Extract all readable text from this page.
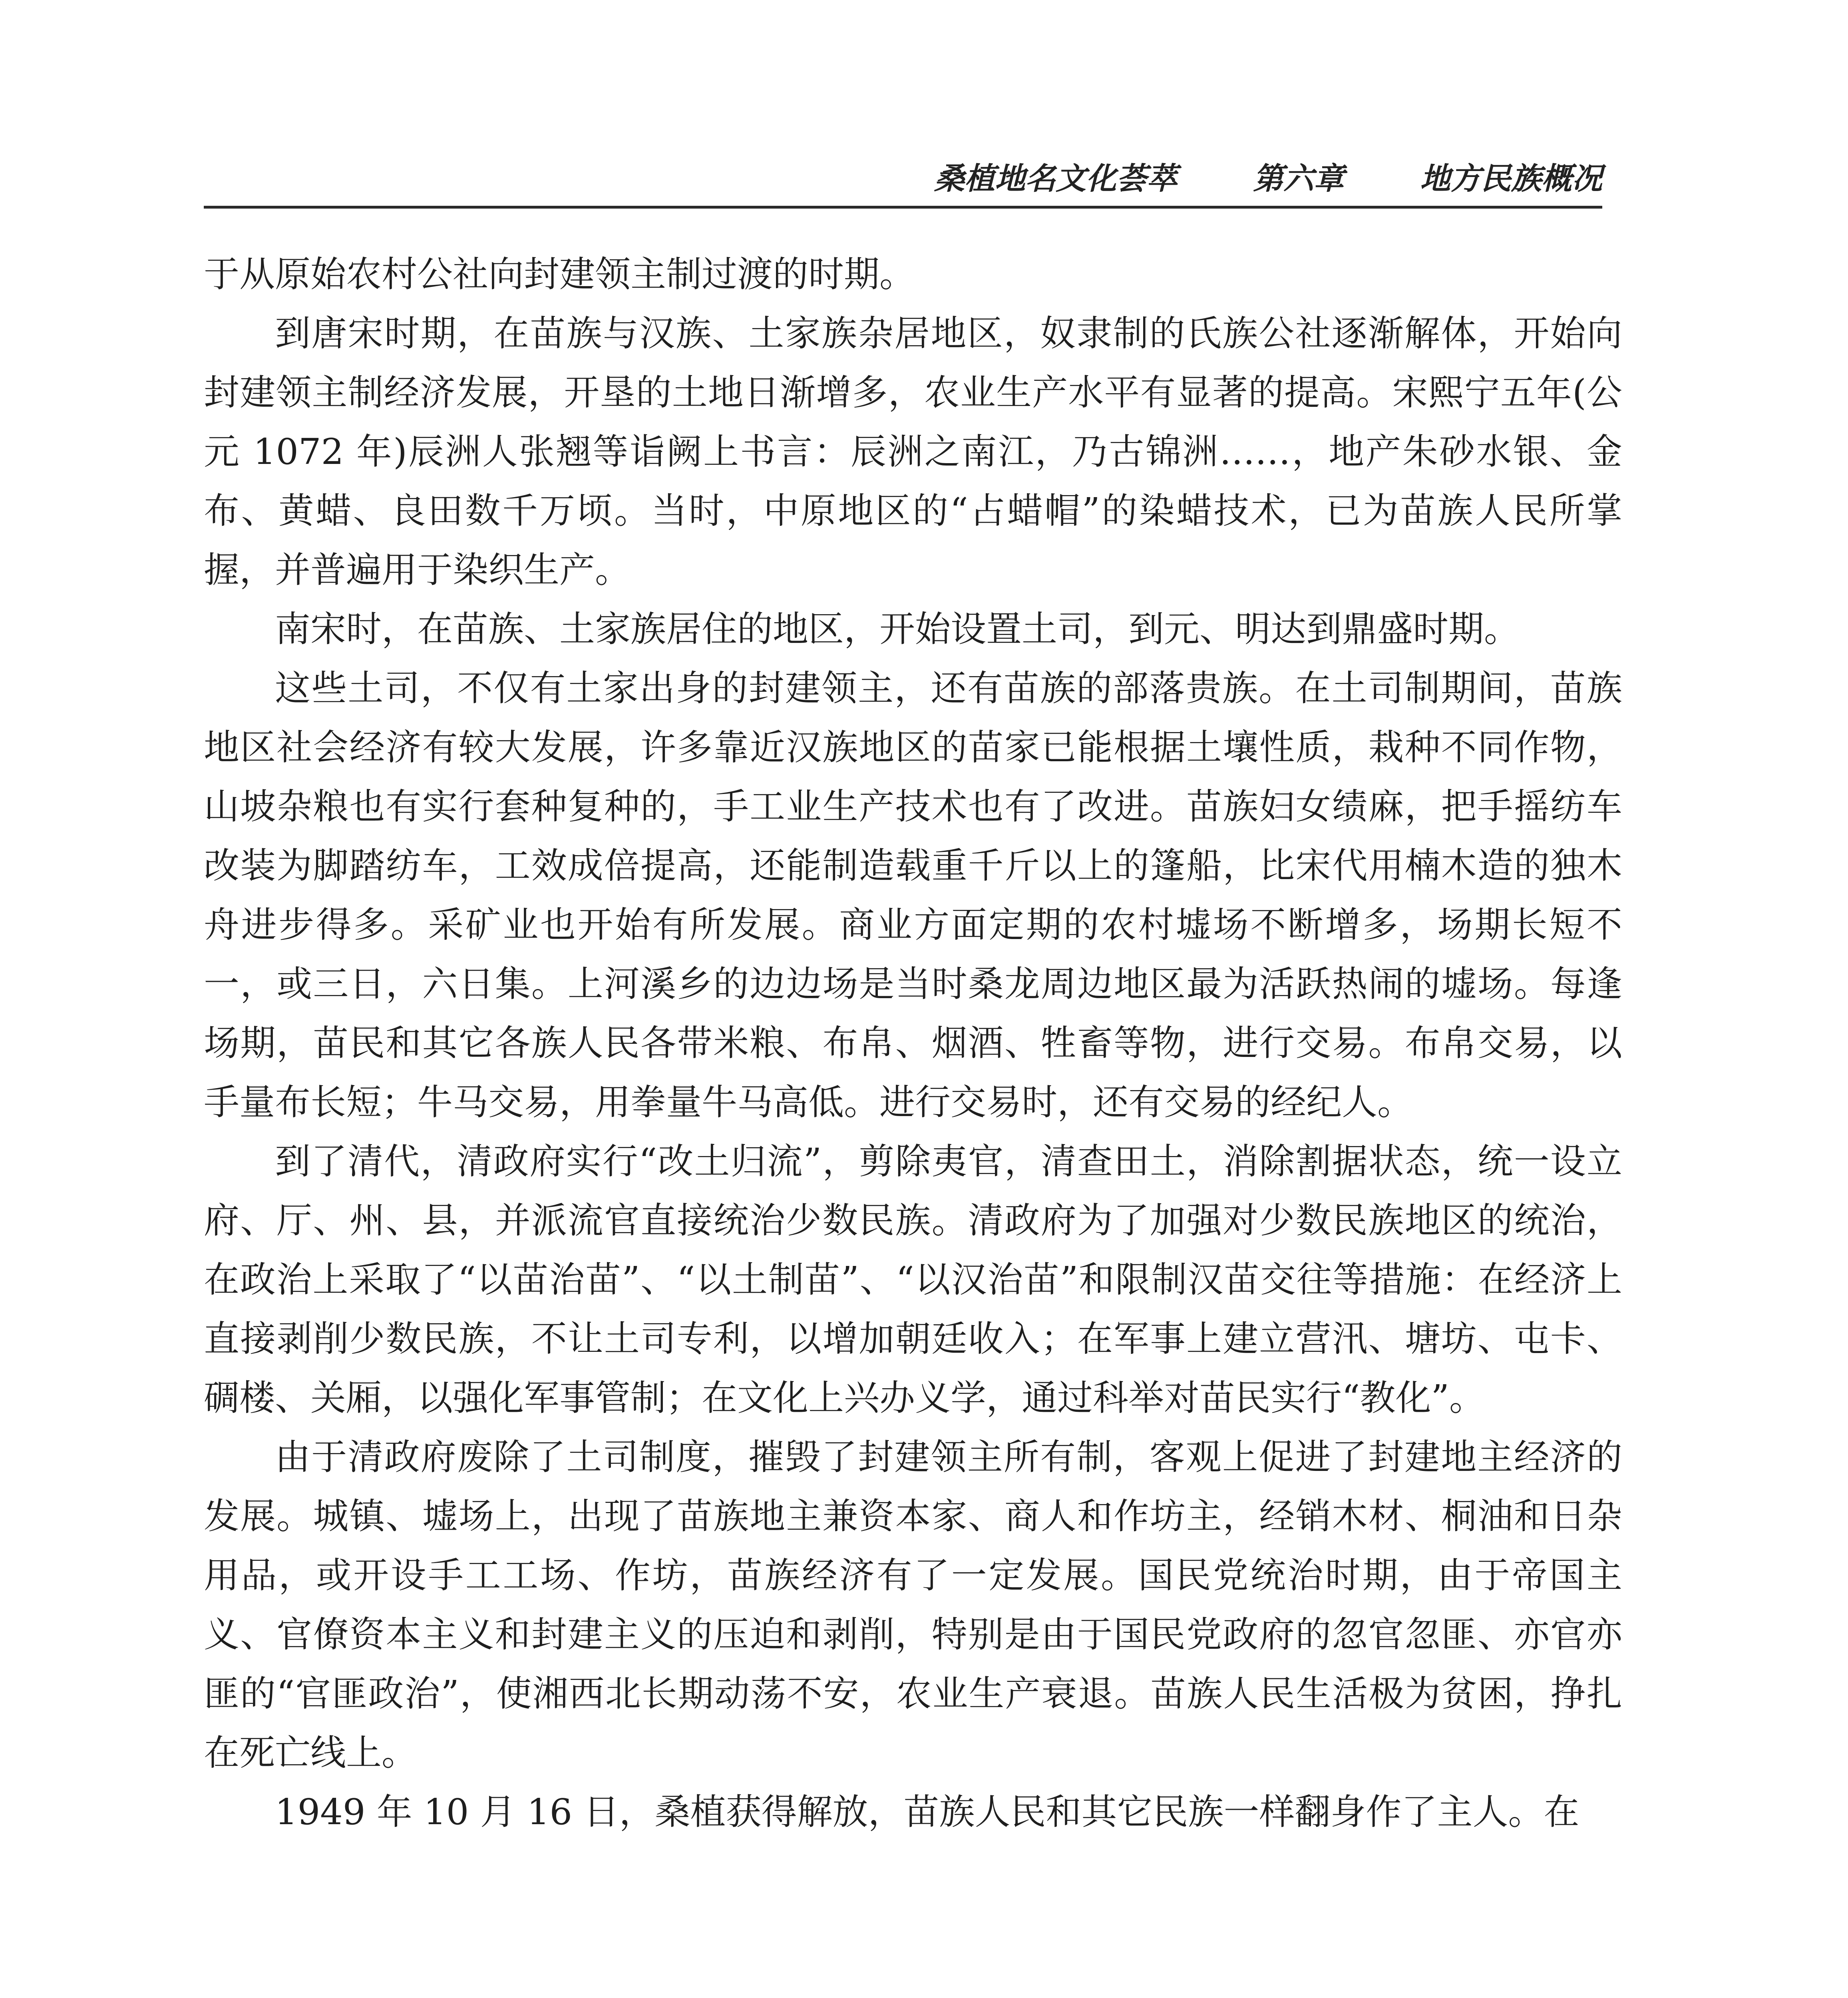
桑植地名文化荟萃	第六章	地方民族概况

于从原始农村公社向封建领主制过渡的时期。

到唐宋时期，在苗族与汉族、土家族杂居地区，奴隶制的氏族公社逐渐解体，开始向封建领主制经济发展，开垦的土地日渐增多，农业生产水平有显著的提高。宋熙宁五年(公元 1072 年)辰洲人张翘等诣阙上书言：辰洲之南江，乃古锦洲……，地产朱砂水银、金布、黄蜡、良田数千万顷。当时，中原地区的“占蜡帽”的染蜡技术，已为苗族人民所掌握，并普遍用于染织生产。

南宋时，在苗族、土家族居住的地区，开始设置土司，到元、明达到鼎盛时期。

这些土司，不仅有土家出身的封建领主，还有苗族的部落贵族。在土司制期间，苗族地区社会经济有较大发展，许多靠近汉族地区的苗家已能根据土壤性质，栽种不同作物，山坡杂粮也有实行套种复种的，手工业生产技术也有了改进。苗族妇女绩麻，把手摇纺车改装为脚踏纺车，工效成倍提高，还能制造载重千斤以上的篷船，比宋代用楠木造的独木舟进步得多。采矿业也开始有所发展。商业方面定期的农村墟场不断增多，场期长短不一，或三日，六日集。上河溪乡的边边场是当时桑龙周边地区最为活跃热闹的墟场。每逢场期，苗民和其它各族人民各带米粮、布帛、烟酒、牲畜等物，进行交易。布帛交易，以手量布长短；牛马交易，用拳量牛马高低。进行交易时，还有交易的经纪人。

到了清代，清政府实行“改土归流”，剪除夷官，清查田土，消除割据状态，统一设立府、厅、州、县，并派流官直接统治少数民族。清政府为了加强对少数民族地区的统治，在政治上采取了“以苗治苗”、“以土制苗”、“以汉治苗”和限制汉苗交往等措施：在经济上直接剥削少数民族，不让土司专利，以增加朝廷收入；在军事上建立营汛、塘坊、屯卡、碉楼、关厢，以强化军事管制；在文化上兴办义学，通过科举对苗民实行“教化”。

由于清政府废除了土司制度，摧毁了封建领主所有制，客观上促进了封建地主经济的发展。城镇、墟场上，出现了苗族地主兼资本家、商人和作坊主，经销木材、桐油和日杂用品，或开设手工工场、作坊，苗族经济有了一定发展。国民党统治时期，由于帝国主义、官僚资本主义和封建主义的压迫和剥削，特别是由于国民党政府的忽官忽匪、亦官亦匪的“官匪政治”，使湘西北长期动荡不安，农业生产衰退。苗族人民生活极为贫困，挣扎在死亡线上。

1949 年 10 月 16 日，桑植获得解放，苗族人民和其它民族一样翻身作了主人。在
